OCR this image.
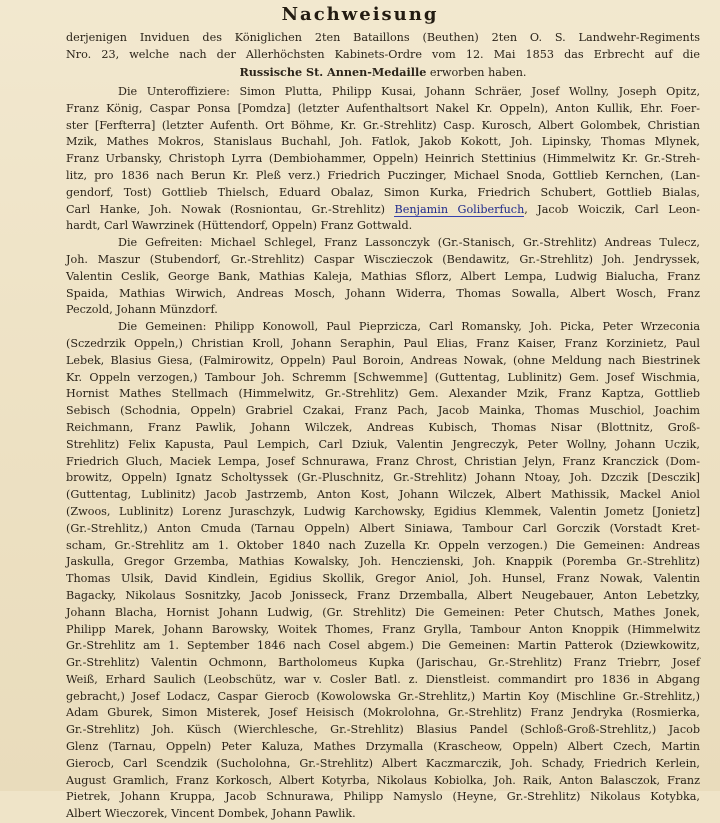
Nachweisung
derjenigen Inviduen des Königlichen 2ten Bataillons (Beuthen) 2ten O. S. Landwehr-Regiments
Nro. 23, welche nach der Allerhöchsten Kabinets-Ordre vom 12. Mai 1853 das Erbrecht auf die
Russische St. Annen-Medaille erworben haben.
Die Unteroffiziere: Simon Plutta, Philipp Kusai, Johann Schräer, Josef Wollny, Joseph Opitz,
Franz König, Caspar Ponsa [Pomdza] (letzter Aufenthaltsort Nakel Kr. Oppeln), Anton Kullik, Ehr. Foer-
ster [Ferfterra] (letzter Aufenth. Ort Böhme, Kr. Gr.-Strehlitz) Casp. Kurosch, Albert Golombek, Christian
Mzik, Mathes Mokros, Stanislaus Buchahl, Joh. Fatlok, Jakob Kokott, Joh. Lipinsky, Thomas Mlynek,
Franz Urbansky, Christoph Lyrra (Dembiohammer, Oppeln) Heinrich Stettinius (Himmelwitz Kr. Gr.-Streh-
litz, pro 1836 nach Berun Kr. Pleß verz.) Friedrich Puczinger, Michael Snoda, Gottlieb Kernchen, (Lan-
gendorf, Tost) Gottlieb Thielsch, Eduard Obalaz, Simon Kurka, Friedrich Schubert, Gottlieb Bialas,
Carl Hanke, Joh. Nowak (Rosniontau, Gr.-Strehlitz) Benjamin Goliberfuch, Jacob Woiczik, Carl Leon-
hardt, Carl Wawrzinek (Hüttendorf, Oppeln) Franz Gottwald.
Die Gefreiten: Michael Schlegel, Franz Lassonczyk (Gr.-Stanisch, Gr.-Strehlitz) Andreas Tulecz,
Joh. Maszur (Stubendorf, Gr.-Strehlitz) Caspar Wisczieczok (Bendawitz, Gr.-Strehlitz) Joh. Jendryssek,
Valentin Ceslik, George Bank, Mathias Kaleja, Mathias Sflorz, Albert Lempa, Ludwig Bialucha, Franz
Spaida, Mathias Wirwich, Andreas Mosch, Johann Widerra, Thomas Sowalla, Albert Wosch, Franz
Peczold, Johann Münzdorf.
Die Gemeinen: Philipp Konowoll, Paul Pieprzicza, Carl Romansky, Joh. Picka, Peter Wrzeconia
(Sczedrzik Oppeln,) Christian Kroll, Johann Seraphin, Paul Elias, Franz Kaiser, Franz Korzinietz, Paul
Lebek, Blasius Giesa, (Falmirowitz, Oppeln) Paul Boroin, Andreas Nowak, (ohne Meldung nach Biestrinek
Kr. Oppeln verzogen,) Tambour Joh. Schremm [Schwemme] (Guttentag, Lublinitz) Gem. Josef Wischmia,
Hornist Mathes Stellmach (Himmelwitz, Gr.-Strehlitz) Gem. Alexander Mzik, Franz Kaptza, Gottlieb
Sebisch (Schodnia, Oppeln) Grabriel Czakai, Franz Pach, Jacob Mainka, Thomas Muschiol, Joachim
Reichmann, Franz Pawlik, Johann Wilczek, Andreas Kubisch, Thomas Nisar (Blottnitz, Groß-
Strehlitz) Felix Kapusta, Paul Lempich, Carl Dziuk, Valentin Jengreczyk, Peter Wollny, Johann Uczik,
Friedrich Gluch, Maciek Lempa, Josef Schnurawa, Franz Chrost, Christian Jelyn, Franz Kranczick (Dom-
browitz, Oppeln) Ignatz Scholtyssek (Gr.-Pluschnitz, Gr.-Strehlitz) Johann Ntoay, Joh. Dzczik [Desczik]
(Guttentag, Lublinitz) Jacob Jastrzemb, Anton Kost, Johann Wilczek, Albert Mathissik, Mackel Aniol
(Zwoos, Lublinitz) Lorenz Juraschzyk, Ludwig Karchowsky, Egidius Klemmek, Valentin Jometz [Jonietz]
(Gr.-Strehlitz,) Anton Cmuda (Tarnau Oppeln) Albert Siniawa, Tambour Carl Gorczik (Vorstadt Kret-
scham, Gr.-Strehlitz am 1. Oktober 1840 nach Zuzella Kr. Oppeln verzogen.) Die Gemeinen: Andreas
Jaskulla, Gregor Grzemba, Mathias Kowalsky, Joh. Henczienski, Joh. Knappik (Poremba Gr.-Strehlitz)
Thomas Ulsik, David Kindlein, Egidius Skollik, Gregor Aniol, Joh. Hunsel, Franz Nowak, Valentin
Bagacky, Nikolaus Sosnitzky, Jacob Jonisseck, Franz Drzemballa, Albert Neugebauer, Anton Lebetzky,
Johann Blacha, Hornist Johann Ludwig, (Gr. Strehlitz) Die Gemeinen: Peter Chutsch, Mathes Jonek,
Philipp Marek, Johann Barowsky, Woitek Thomes, Franz Grylla, Tambour Anton Knoppik (Himmelwitz
Gr.-Strehlitz am 1. September 1846 nach Cosel abgem.) Die Gemeinen: Martin Patterok (Dziewkowitz,
Gr.-Strehlitz) Valentin Ochmonn, Bartholomeus Kupka (Jarischau, Gr.-Strehlitz) Franz Triebrr, Josef
Weiß, Erhard Saulich (Leobschütz, war v. Cosler Batl. z. Dienstleist. commandirt pro 1836 in Abgang
gebracht,) Josef Lodacz, Caspar Gierocb (Kowolowska Gr.-Strehlitz,) Martin Koy (Mischline Gr.-Strehlitz,)
Adam Gburek, Simon Misterek, Josef Heisisch (Mokrolohna, Gr.-Strehlitz) Franz Jendryka (Rosmierka,
Gr.-Strehlitz) Joh. Küsch (Wierchlesche, Gr.-Strehlitz) Blasius Pandel (Schloß-Groß-Strehlitz,) Jacob
Glenz (Tarnau, Oppeln) Peter Kaluza, Mathes Drzymalla (Krascheow, Oppeln) Albert Czech, Martin
Gierocb, Carl Scendzik (Sucholohna, Gr.-Strehlitz) Albert Kaczmarczik, Joh. Schady, Friedrich Kerlein,
August Gramlich, Franz Korkosch, Albert Kotyrba, Nikolaus Kobiolka, Joh. Raik, Anton Balasczok, Franz
Pietrek, Johann Kruppa, Jacob Schnurawa, Philipp Namyslo (Heyne, Gr.-Strehlitz) Nikolaus Kotybka,
Albert Wieczorek, Vincent Dombek, Johann Pawlik.
